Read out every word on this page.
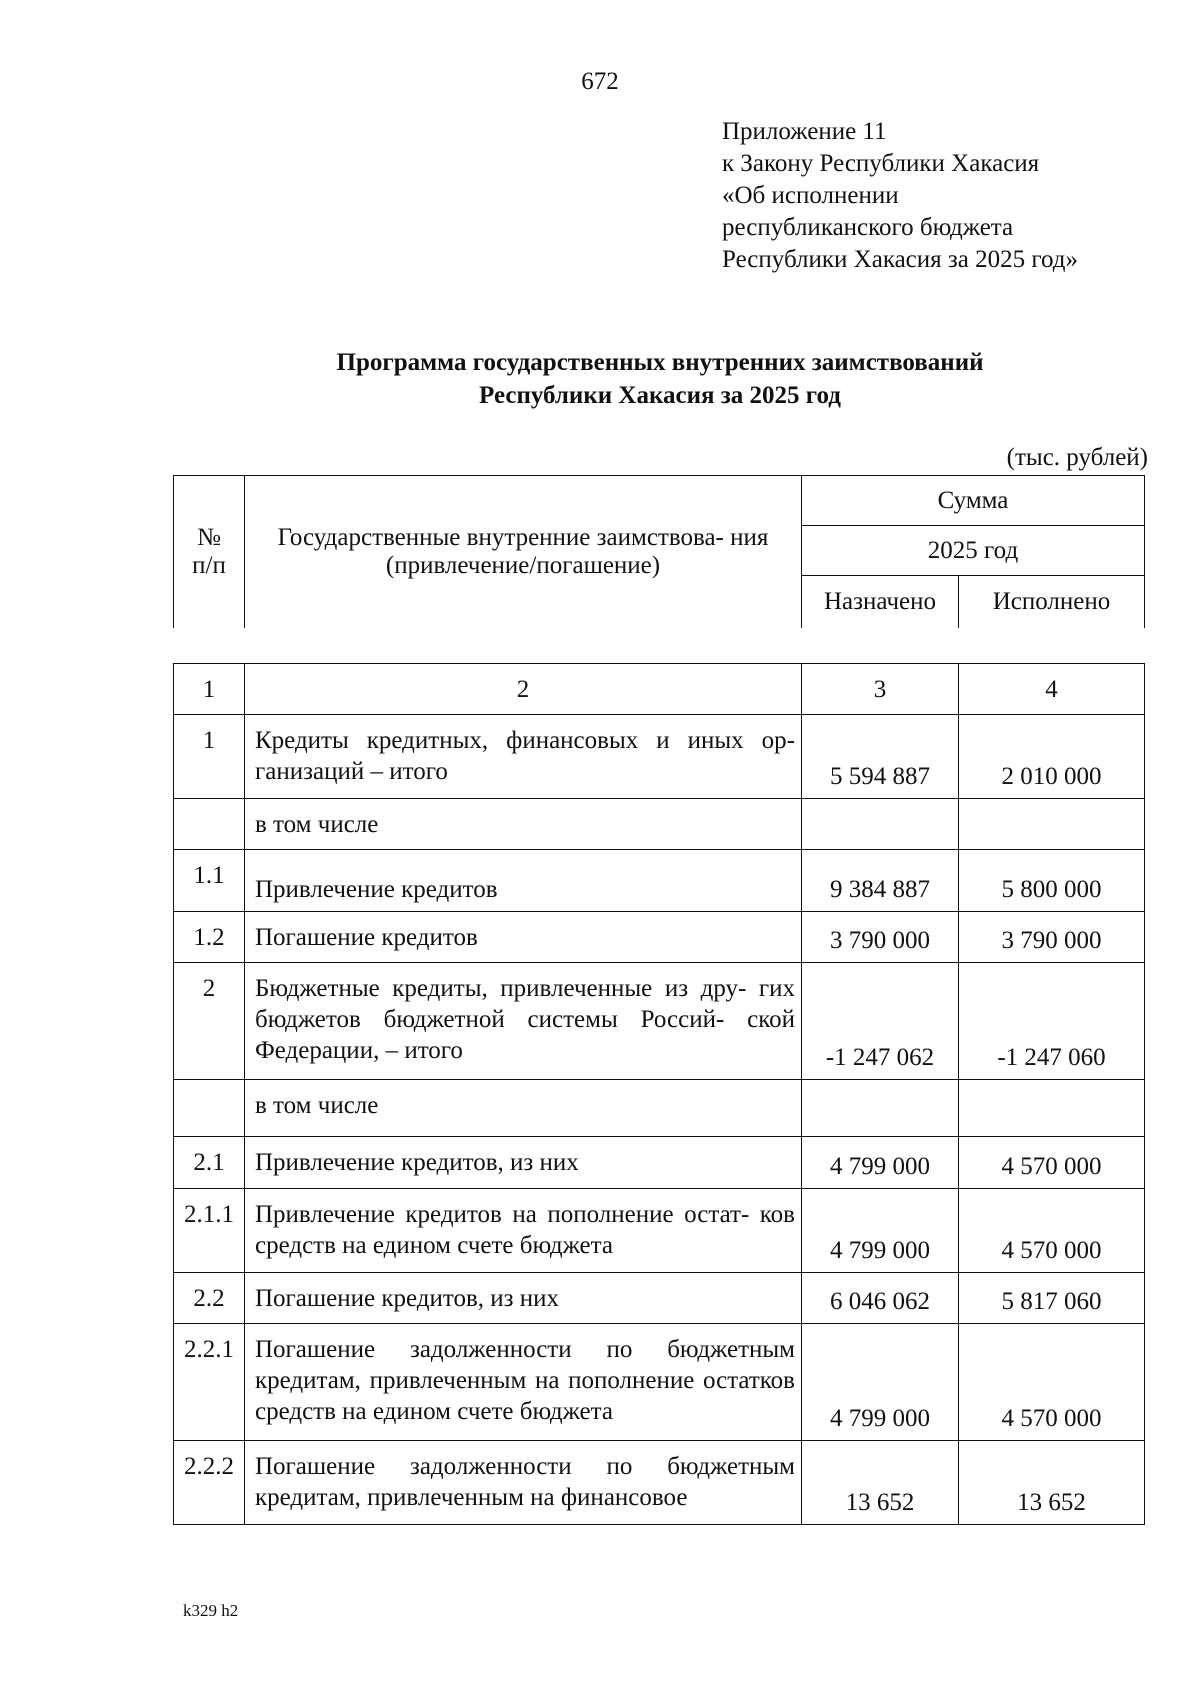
672
Приложение 11
к Закону Республики Хакасия
«Об исполнении
республиканского бюджета
Республики Хакасия за 2025 год»
Программа государственных внутренних заимствований
Республики Хакасия за 2025 год
(тыс. рублей)
№ п/п	Государственные внутренние заимствова- ния (привлечение/погашение)	Сумма	
		2025 год	
		Назначено	Исполнено
1	2	3	4
1	Кредиты кредитных, финансовых и иных ор- ганизаций – итого	5 594 887	2 010 000
	в том числе		
1.1	Привлечение кредитов	9 384 887	5 800 000
1.2	Погашение кредитов	3 790 000	3 790 000
2	Бюджетные кредиты, привлеченные из дру- гих бюджетов бюджетной системы Россий- ской Федерации, – итого	-1 247 062	-1 247 060
	в том числе		
2.1	Привлечение кредитов, из них	4 799 000	4 570 000
2.1.1	Привлечение кредитов на пополнение остат- ков средств на едином счете бюджета	4 799 000	4 570 000
2.2	Погашение кредитов, из них	6 046 062	5 817 060
2.2.1	Погашение задолженности по бюджетным кредитам, привлеченным на пополнение остатков средств на едином счете бюджета	4 799 000	4 570 000
2.2.2	Погашение задолженности по бюджетным кредитам, привлеченным на финансовое	13 652	13 652
k329 h2
